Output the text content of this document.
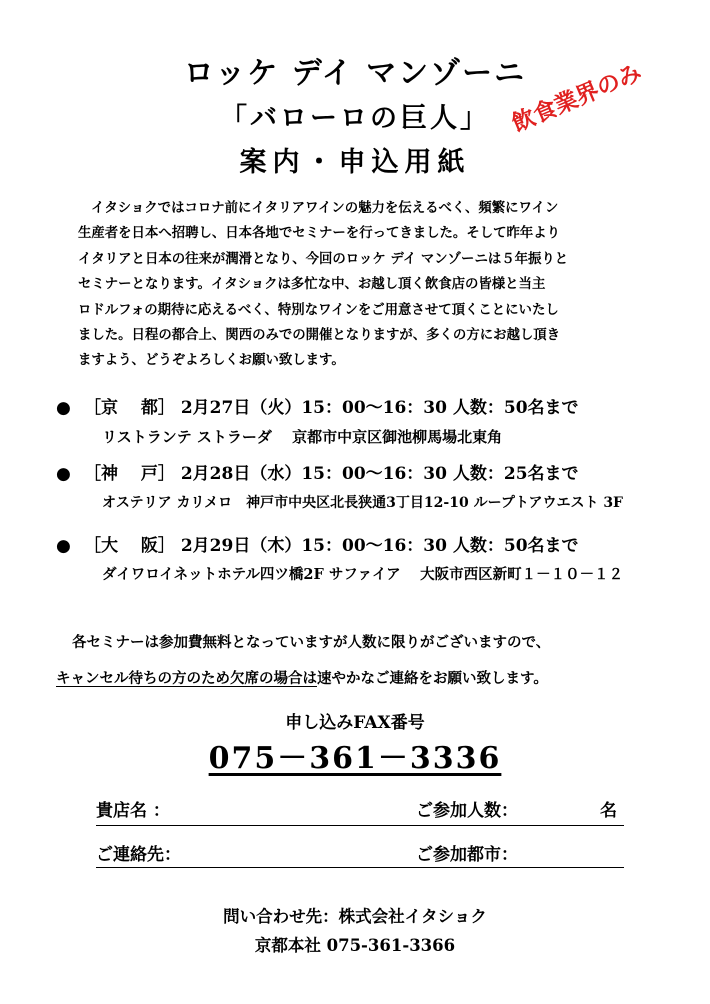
ロッケ デイ マンゾーニ
「バローロの巨人」
案内・申込用紙
飲食業界のみ

イタショクではコロナ前にイタリアワインの魅力を伝えるべく、頻繁にワイン

生産者を日本へ招聘し、日本各地でセミナーを行ってきました。そして昨年より

イタリアと日本の往来が潤滑となり、今回のロッケ デイ マンゾーニは５年振りと

セミナーとなります。イタショクは多忙な中、お越し頂く飲食店の皆様と当主

ロドルフォの期待に応えるべく、特別なワインをご用意させて頂くことにいたし

ました。日程の都合上、関西のみでの開催となりますが、多くの方にお越し頂き

ますよう、どうぞよろしくお願い致します。

● ［京　 都］ 2月27日（火）15：00～16：30 人数：50名まで
リストランテ ストラーダ　 京都市中京区御池柳馬場北東角
● ［神　 戸］ 2月28日（水）15：00～16：30 人数：25名まで
オステリア カリメロ　神戸市中央区北長狭通3丁目12-10 ループトアウエスト 3F
● ［大　 阪］ 2月29日（木）15：00～16：30 人数：50名まで
ダイワロイネットホテル四ツ橋2F サファイア　 大阪市西区新町１－１０－１２
各セミナーは参加費無料となっていますが人数に限りがございますので、
キャンセル待ちの方のため欠席の場合は速やかなご連絡をお願い致します。
申し込みFAX番号
075－361－3336
貴店名 ：	ご参加人数：	名
ご連絡先：	ご参加都市：
問い合わせ先：株式会社イタショク
京都本社 075-361-3366
